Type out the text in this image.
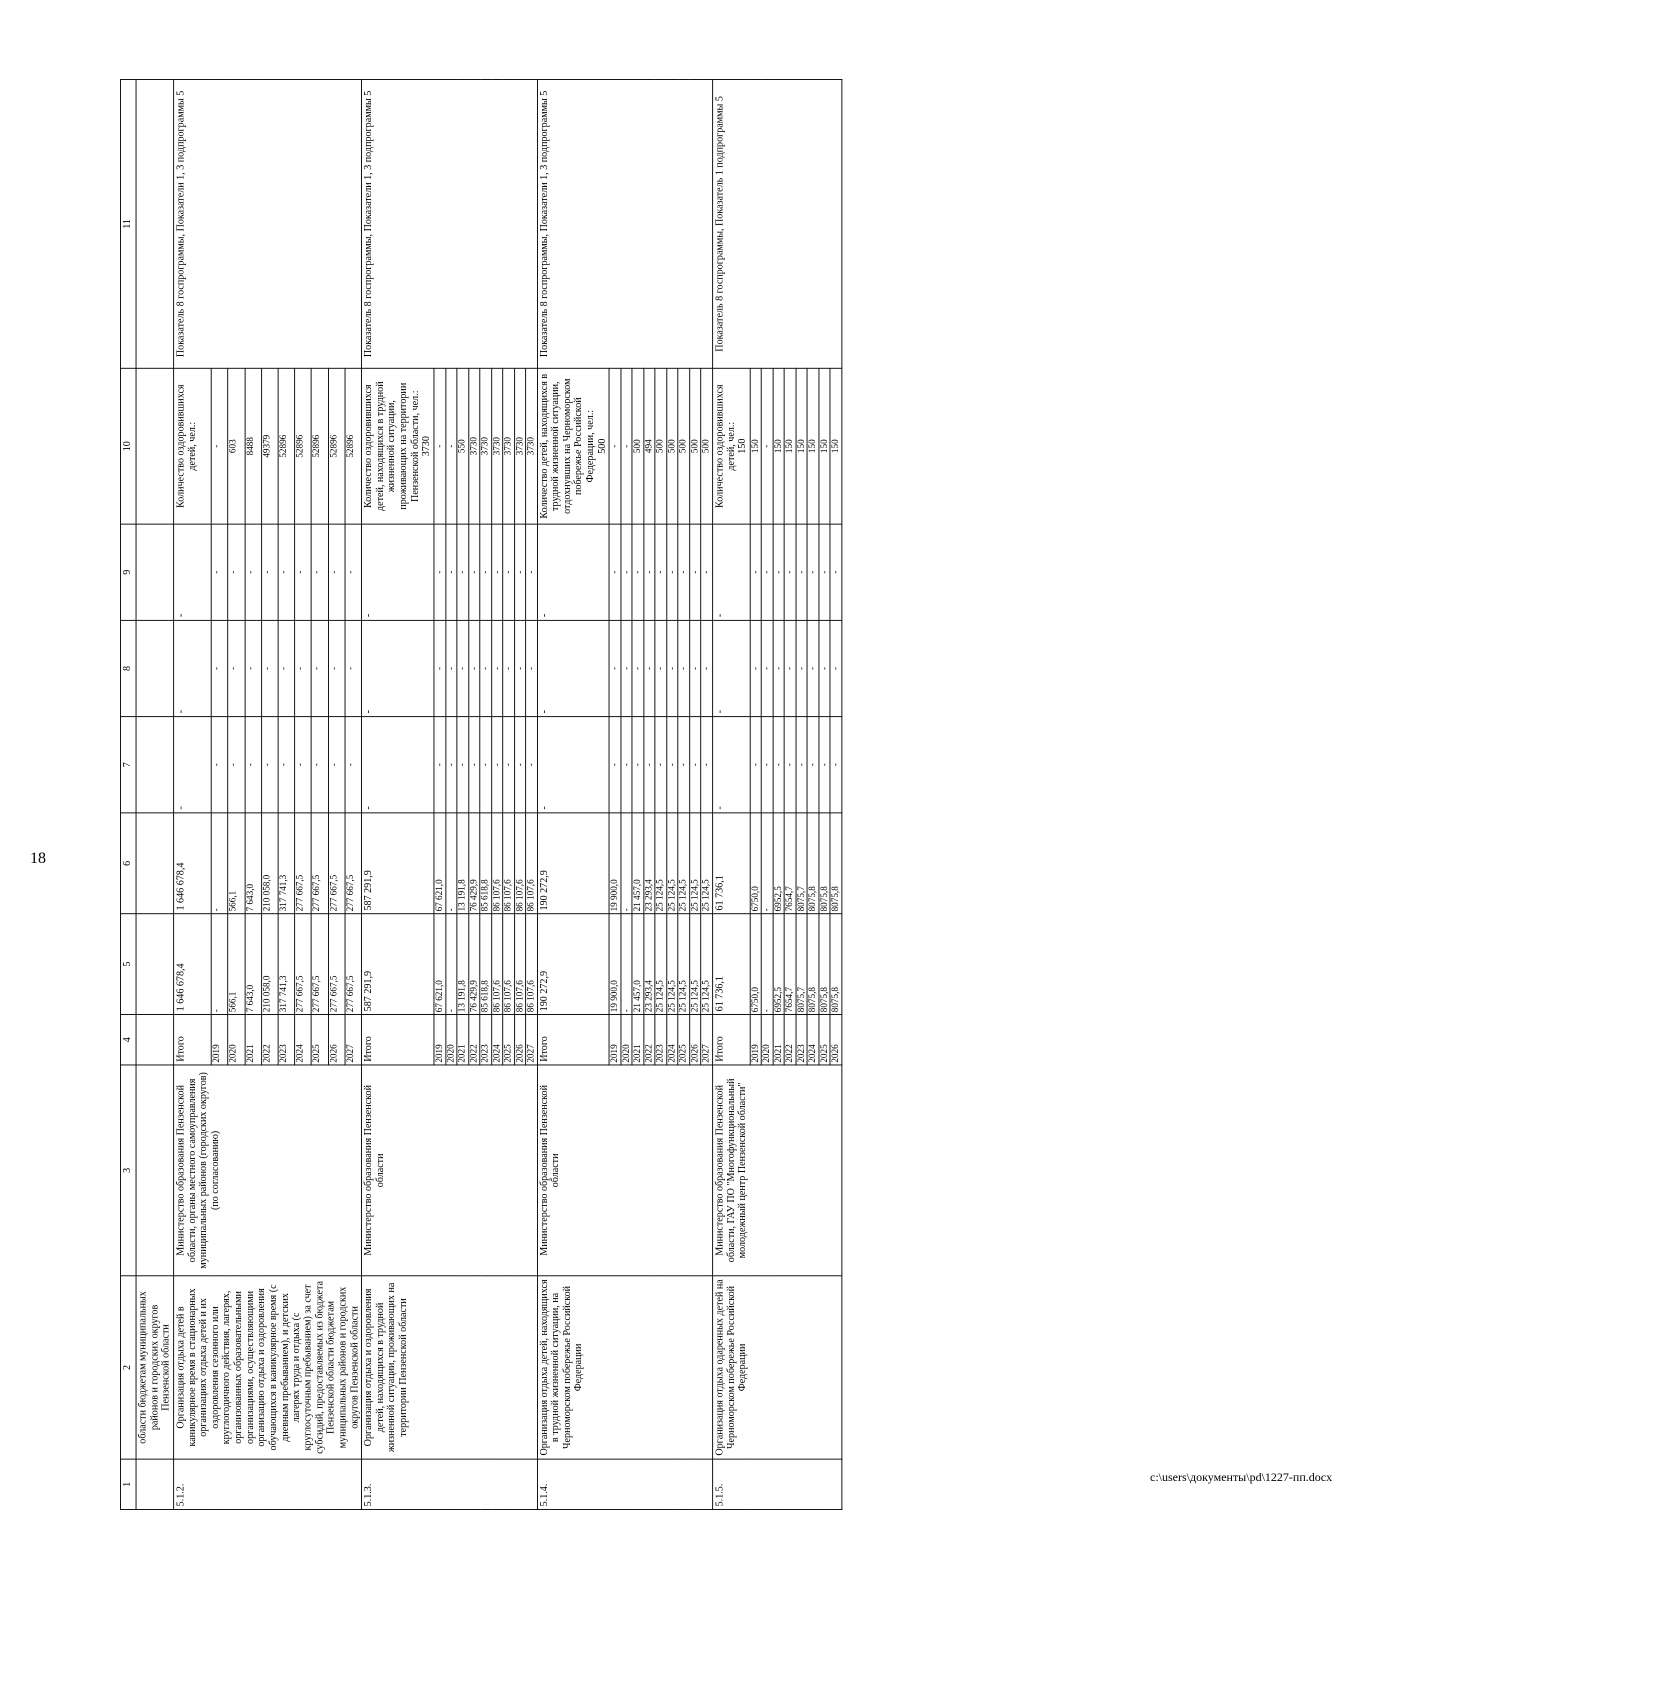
18
1	2	3	4	5	6	7	8	9	10	11
	области бюджетам муниципальных районов и городских округов Пензенской области									
5.1.2.	Организация отдыха детей в каникулярное время в стационарных организациях отдыха детей и их оздоровления сезонного или круглогодичного действия, лагерях, организованных образовательными организациями, осуществляющими организацию отдыха и оздоровления обучающихся в каникулярное время (с дневным пребыванием), и детских лагерях труда и отдыха (с круглосуточным пребыванием) за счет субсидий, предоставляемых из бюджета Пензенской области бюджетам муниципальных районов и городских округов Пензенской области	Министерство образования Пензенской области, органы местного самоуправления муниципальных районов (городских округов) (по согласованию)	Итого	1 646 678,4	1 646 678,4	-	-	-	Количество оздоровившихся детей, чел.:	Показатель 8 госпрограммы, Показатели 1, 3 подпрограммы 5
			2019	-	-	-	-	-	-	
			2020	566,1	566,1	-	-	-	603	
			2021	7 643,0	7 643,0	-	-	-	8488	
			2022	210 058,0	210 058,0	-	-	-	49379	
			2023	317 741,3	317 741,3	-	-	-	52896	
			2024	277 667,5	277 667,5	-	-	-	52896	
			2025	277 667,5	277 667,5	-	-	-	52896	
			2026	277 667,5	277 667,5	-	-	-	52896	
			2027	277 667,5	277 667,5	-	-	-	52896	
5.1.3.	Организация отдыха и оздоровления детей, находящихся в трудной жизненной ситуации, проживающих на территории Пензенской области	Министерство образования Пензенской области	Итого	587 291,9	587 291,9	-	-	-	Количество оздоровившихся детей, находящихся в трудной жизненной ситуации, проживающих на территории Пензенской области, чел.: 3730	Показатель 8 госпрограммы, Показатели 1, 3 подпрограммы 5
			2019	67 621,0	67 621,0	-	-	-	-	
			2020	-	-	-	-	-	-	
			2021	13 191,8	13 191,8	-	-	-	550	
			2022	76 429,9	76 429,9	-	-	-	3730	
			2023	85 618,8	85 618,8	-	-	-	3730	
			2024	86 107,6	86 107,6	-	-	-	3730	
			2025	86 107,6	86 107,6	-	-	-	3730	
			2026	86 107,6	86 107,6	-	-	-	3730	
			2027	86 107,6	86 107,6	-	-	-	3730	
5.1.4.	Организация отдыха детей, находящихся в трудной жизненной ситуации, на Черноморском побережье Российской Федерации	Министерство образования Пензенской области	Итого	190 272,9	190 272,9	-	-	-	Количество детей, находящихся в трудной жизненной ситуации, отдохнувших на Черноморском побережье Российской Федерации, чел.: 500	Показатель 8 госпрограммы, Показатели 1, 3 подпрограммы 5
			2019	19 900,0	19 900,0	-	-	-	-	
			2020	-	-	-	-	-	-	
			2021	21 457,0	21 457,0	-	-	-	500	
			2022	23 293,4	23 293,4	-	-	-	494	
			2023	25 124,5	25 124,5	-	-	-	500	
			2024	25 124,5	25 124,5	-	-	-	500	
			2025	25 124,5	25 124,5	-	-	-	500	
			2026	25 124,5	25 124,5	-	-	-	500	
			2027	25 124,5	25 124,5	-	-	-	500	
5.1.5.	Организация отдыха одаренных детей на Черноморском побережье Российской Федерации	Министерство образования Пензенской области, ГАУ ПО "Многофункциональный молодежный центр Пензенской области"	Итого	61 736,1	61 736,1	-	-	-	Количество оздоровившихся детей, чел.: 150	Показатель 8 госпрограммы, Показатель 1 подпрограммы 5
			2019	6750,0	6750,0	-	-	-	150	
			2020	-	-	-	-	-	-	
			2021	6952,5	6952,5	-	-	-	150	
			2022	7654,7	7654,7	-	-	-	150	
			2023	8075,7	8075,7	-	-	-	150	
			2024	8075,8	8075,8	-	-	-	150	
			2025	8075,8	8075,8	-	-	-	150	
			2026	8075,8	8075,8	-	-	-	150	
c:\users\документы\pd\1227-пп.docx
